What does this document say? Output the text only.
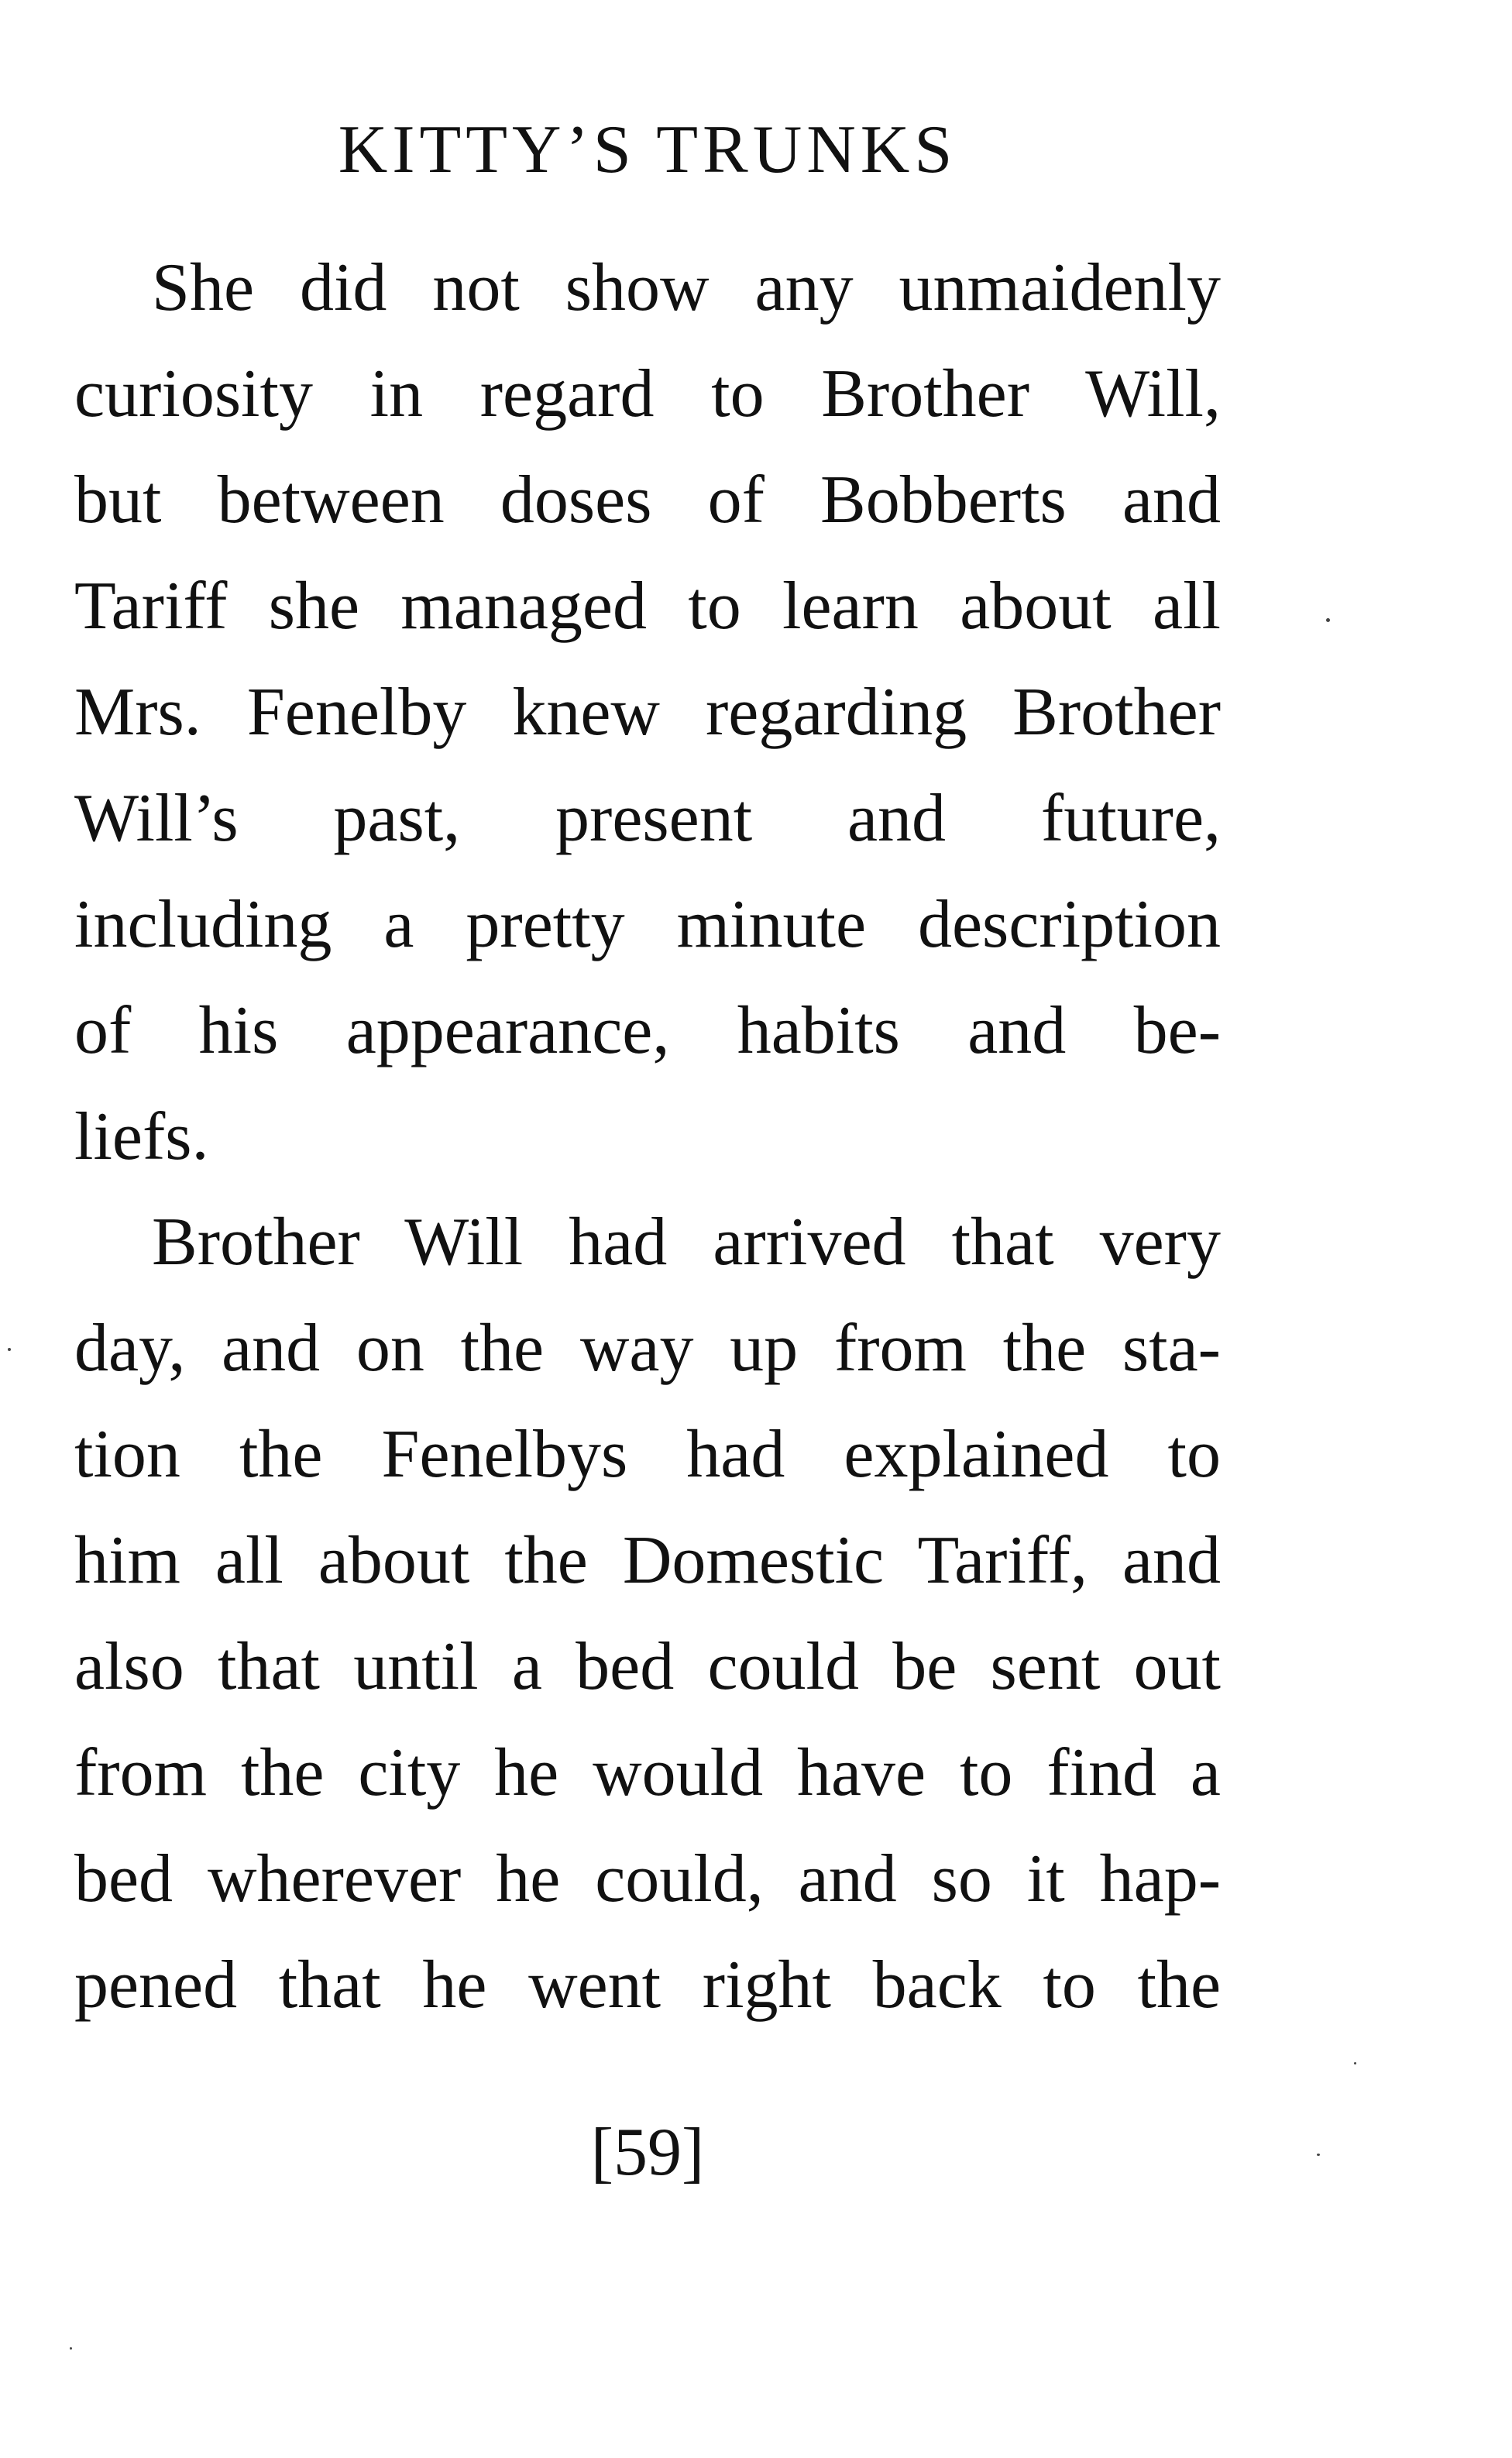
KITTY’S TRUNKS
She did not show any unmaidenly
curiosity in regard to Brother Will,
but between doses of Bobberts and
Tariff she managed to learn about all
Mrs. Fenelby knew regarding Brother
Will’s past, present and future,
including a pretty minute description
of his appearance, habits and be-
liefs.
Brother Will had arrived that very
day, and on the way up from the sta-
tion the Fenelbys had explained to
him all about the Domestic Tariff, and
also that until a bed could be sent out
from the city he would have to find a
bed wherever he could, and so it hap-
pened that he went right back to the
[59]
